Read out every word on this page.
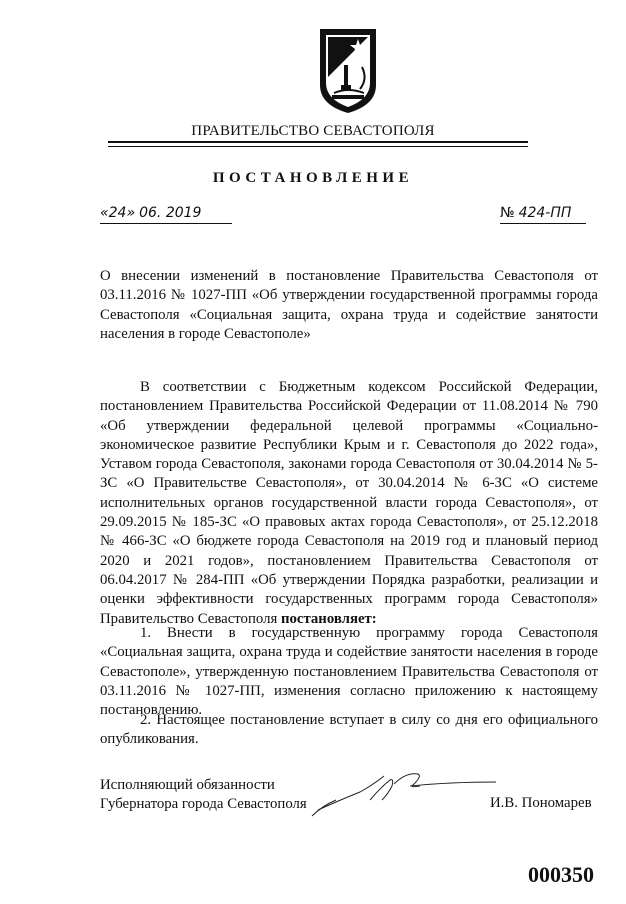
ПРАВИТЕЛЬСТВО СЕВАСТОПОЛЯ
ПОСТАНОВЛЕНИЕ
«24» 06. 2019	№ 424-ПП
О внесении изменений в постановление Правительства Севастополя от 03.11.2016 № 1027-ПП «Об утверждении государственной программы города Севастополя «Социальная защита, охрана труда и содействие занятости населения в городе Севастополе»
В соответствии с Бюджетным кодексом Российской Федерации, постановлением Правительства Российской Федерации от 11.08.2014 № 790 «Об утверждении федеральной целевой программы «Социально-экономическое развитие Республики Крым и г. Севастополя до 2022 года», Уставом города Севастополя, законами города Севастополя от 30.04.2014 № 5-ЗС «О Правительстве Севастополя», от 30.04.2014 № 6-ЗС «О системе исполнительных органов государственной власти города Севастополя», от 29.09.2015 № 185-ЗС «О правовых актах города Севастополя», от 25.12.2018 № 466-ЗС «О бюджете города Севастополя на 2019 год и плановый период 2020 и 2021 годов», постановлением Правительства Севастополя от 06.04.2017 № 284-ПП «Об утверждении Порядка разработки, реализации и оценки эффективности государственных программ города Севастополя» Правительство Севастополя постановляет:
1. Внести в государственную программу города Севастополя «Социальная защита, охрана труда и содействие занятости населения в городе Севастополе», утвержденную постановлением Правительства Севастополя от 03.11.2016 № 1027-ПП, изменения согласно приложению к настоящему постановлению.
2. Настоящее постановление вступает в силу со дня его официального опубликования.
Исполняющий обязанности
Губернатора города Севастополя	И.В. Пономарев
000350
